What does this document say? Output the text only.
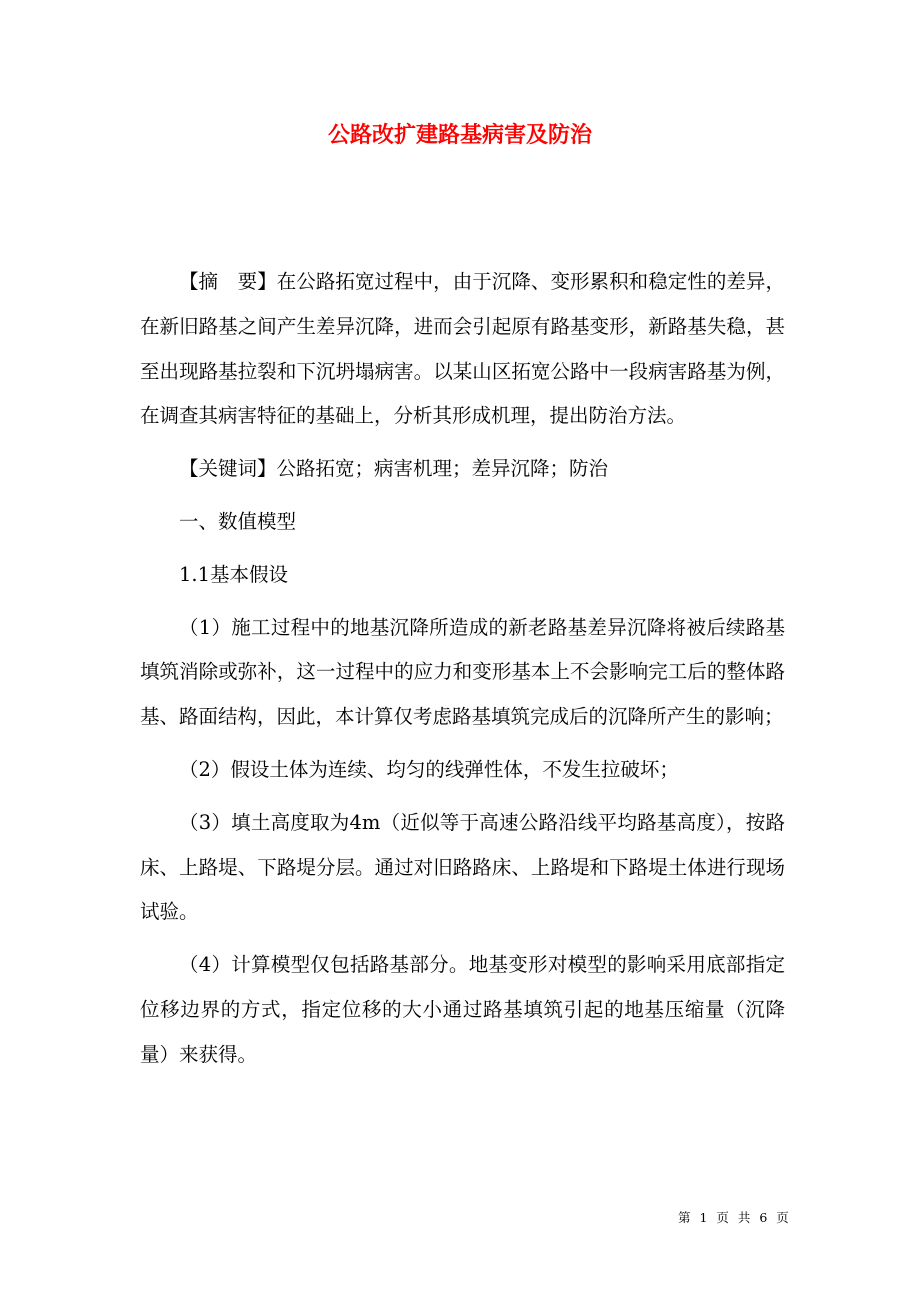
公路改扩建路基病害及防治

【摘　要】在公路拓宽过程中，由于沉降、变形累积和稳定性的差异，在新旧路基之间产生差异沉降，进而会引起原有路基变形，新路基失稳，甚至出现路基拉裂和下沉坍塌病害。以某山区拓宽公路中一段病害路基为例，在调查其病害特征的基础上，分析其形成机理，提出防治方法。

【关键词】公路拓宽；病害机理；差异沉降；防治

一、数值模型

1.1基本假设

（1）施工过程中的地基沉降所造成的新老路基差异沉降将被后续路基填筑消除或弥补，这一过程中的应力和变形基本上不会影响完工后的整体路基、路面结构，因此，本计算仅考虑路基填筑完成后的沉降所产生的影响；

（2）假设土体为连续、均匀的线弹性体，不发生拉破坏；

（3）填土高度取为4m（近似等于高速公路沿线平均路基高度），按路床、上路堤、下路堤分层。通过对旧路路床、上路堤和下路堤土体进行现场试验。

（4）计算模型仅包括路基部分。地基变形对模型的影响采用底部指定位移边界的方式，指定位移的大小通过路基填筑引起的地基压缩量（沉降量）来获得。

第 1 页 共 6 页
